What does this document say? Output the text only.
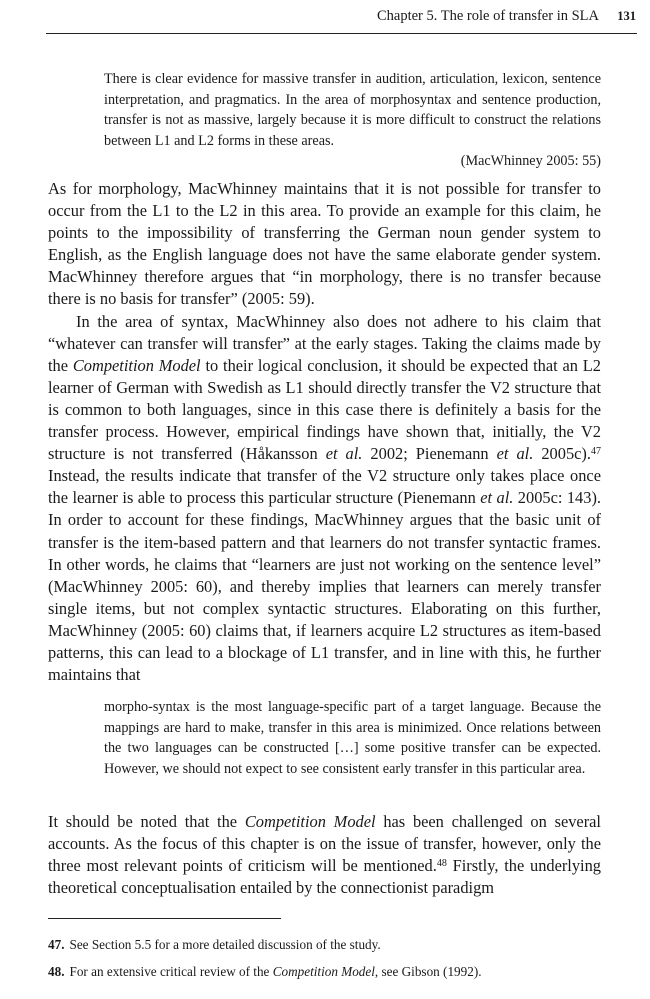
Chapter 5. The role of transfer in SLA 131

There is clear evidence for massive transfer in audition, articulation, lexicon, sentence interpretation, and pragmatics. In the area of morphosyntax and sentence production, transfer is not as massive, largely because it is more difficult to construct the relations between L1 and L2 forms in these areas.

(MacWhinney 2005: 55)

As for morphology, MacWhinney maintains that it is not possible for transfer to occur from the L1 to the L2 in this area. To provide an example for this claim, he points to the impossibility of transferring the German noun gender system to English, as the English language does not have the same elaborate gender system. MacWhinney therefore argues that “in morphology, there is no transfer because there is no basis for transfer” (2005: 59).

In the area of syntax, MacWhinney also does not adhere to his claim that “whatever can transfer will transfer” at the early stages. Taking the claims made by the Competition Model to their logical conclusion, it should be expected that an L2 learner of German with Swedish as L1 should directly transfer the V2 structure that is common to both languages, since in this case there is definitely a basis for the transfer process. However, empirical findings have shown that, initially, the V2 structure is not transferred (Håkansson et al. 2002; Pienemann et al. 2005c).$^{47}$ Instead, the results indicate that transfer of the V2 structure only takes place once the learner is able to process this particular structure (Pienemann et al. 2005c: 143). In order to account for these findings, MacWhinney argues that the basic unit of transfer is the item-based pattern and that learners do not transfer syntactic frames. In other words, he claims that “learners are just not working on the sentence level” (MacWhinney 2005: 60), and thereby implies that learners can merely transfer single items, but not complex syntactic structures. Elaborating on this further, MacWhinney (2005: 60) claims that, if learners acquire L2 structures as item-based patterns, this can lead to a blockage of L1 transfer, and in line with this, he further maintains that

morpho-syntax is the most language-specific part of a target language. Because the mappings are hard to make, transfer in this area is minimized. Once relations between the two languages can be constructed […] some positive transfer can be expected. However, we should not expect to see consistent early transfer in this particular area.

It should be noted that the Competition Model has been challenged on several accounts. As the focus of this chapter is on the issue of transfer, however, only the three most relevant points of criticism will be mentioned.$^{48}$ Firstly, the underlying theoretical conceptualisation entailed by the connectionist paradigm

47. See Section 5.5 for a more detailed discussion of the study.
48. For an extensive critical review of the Competition Model, see Gibson (1992).
